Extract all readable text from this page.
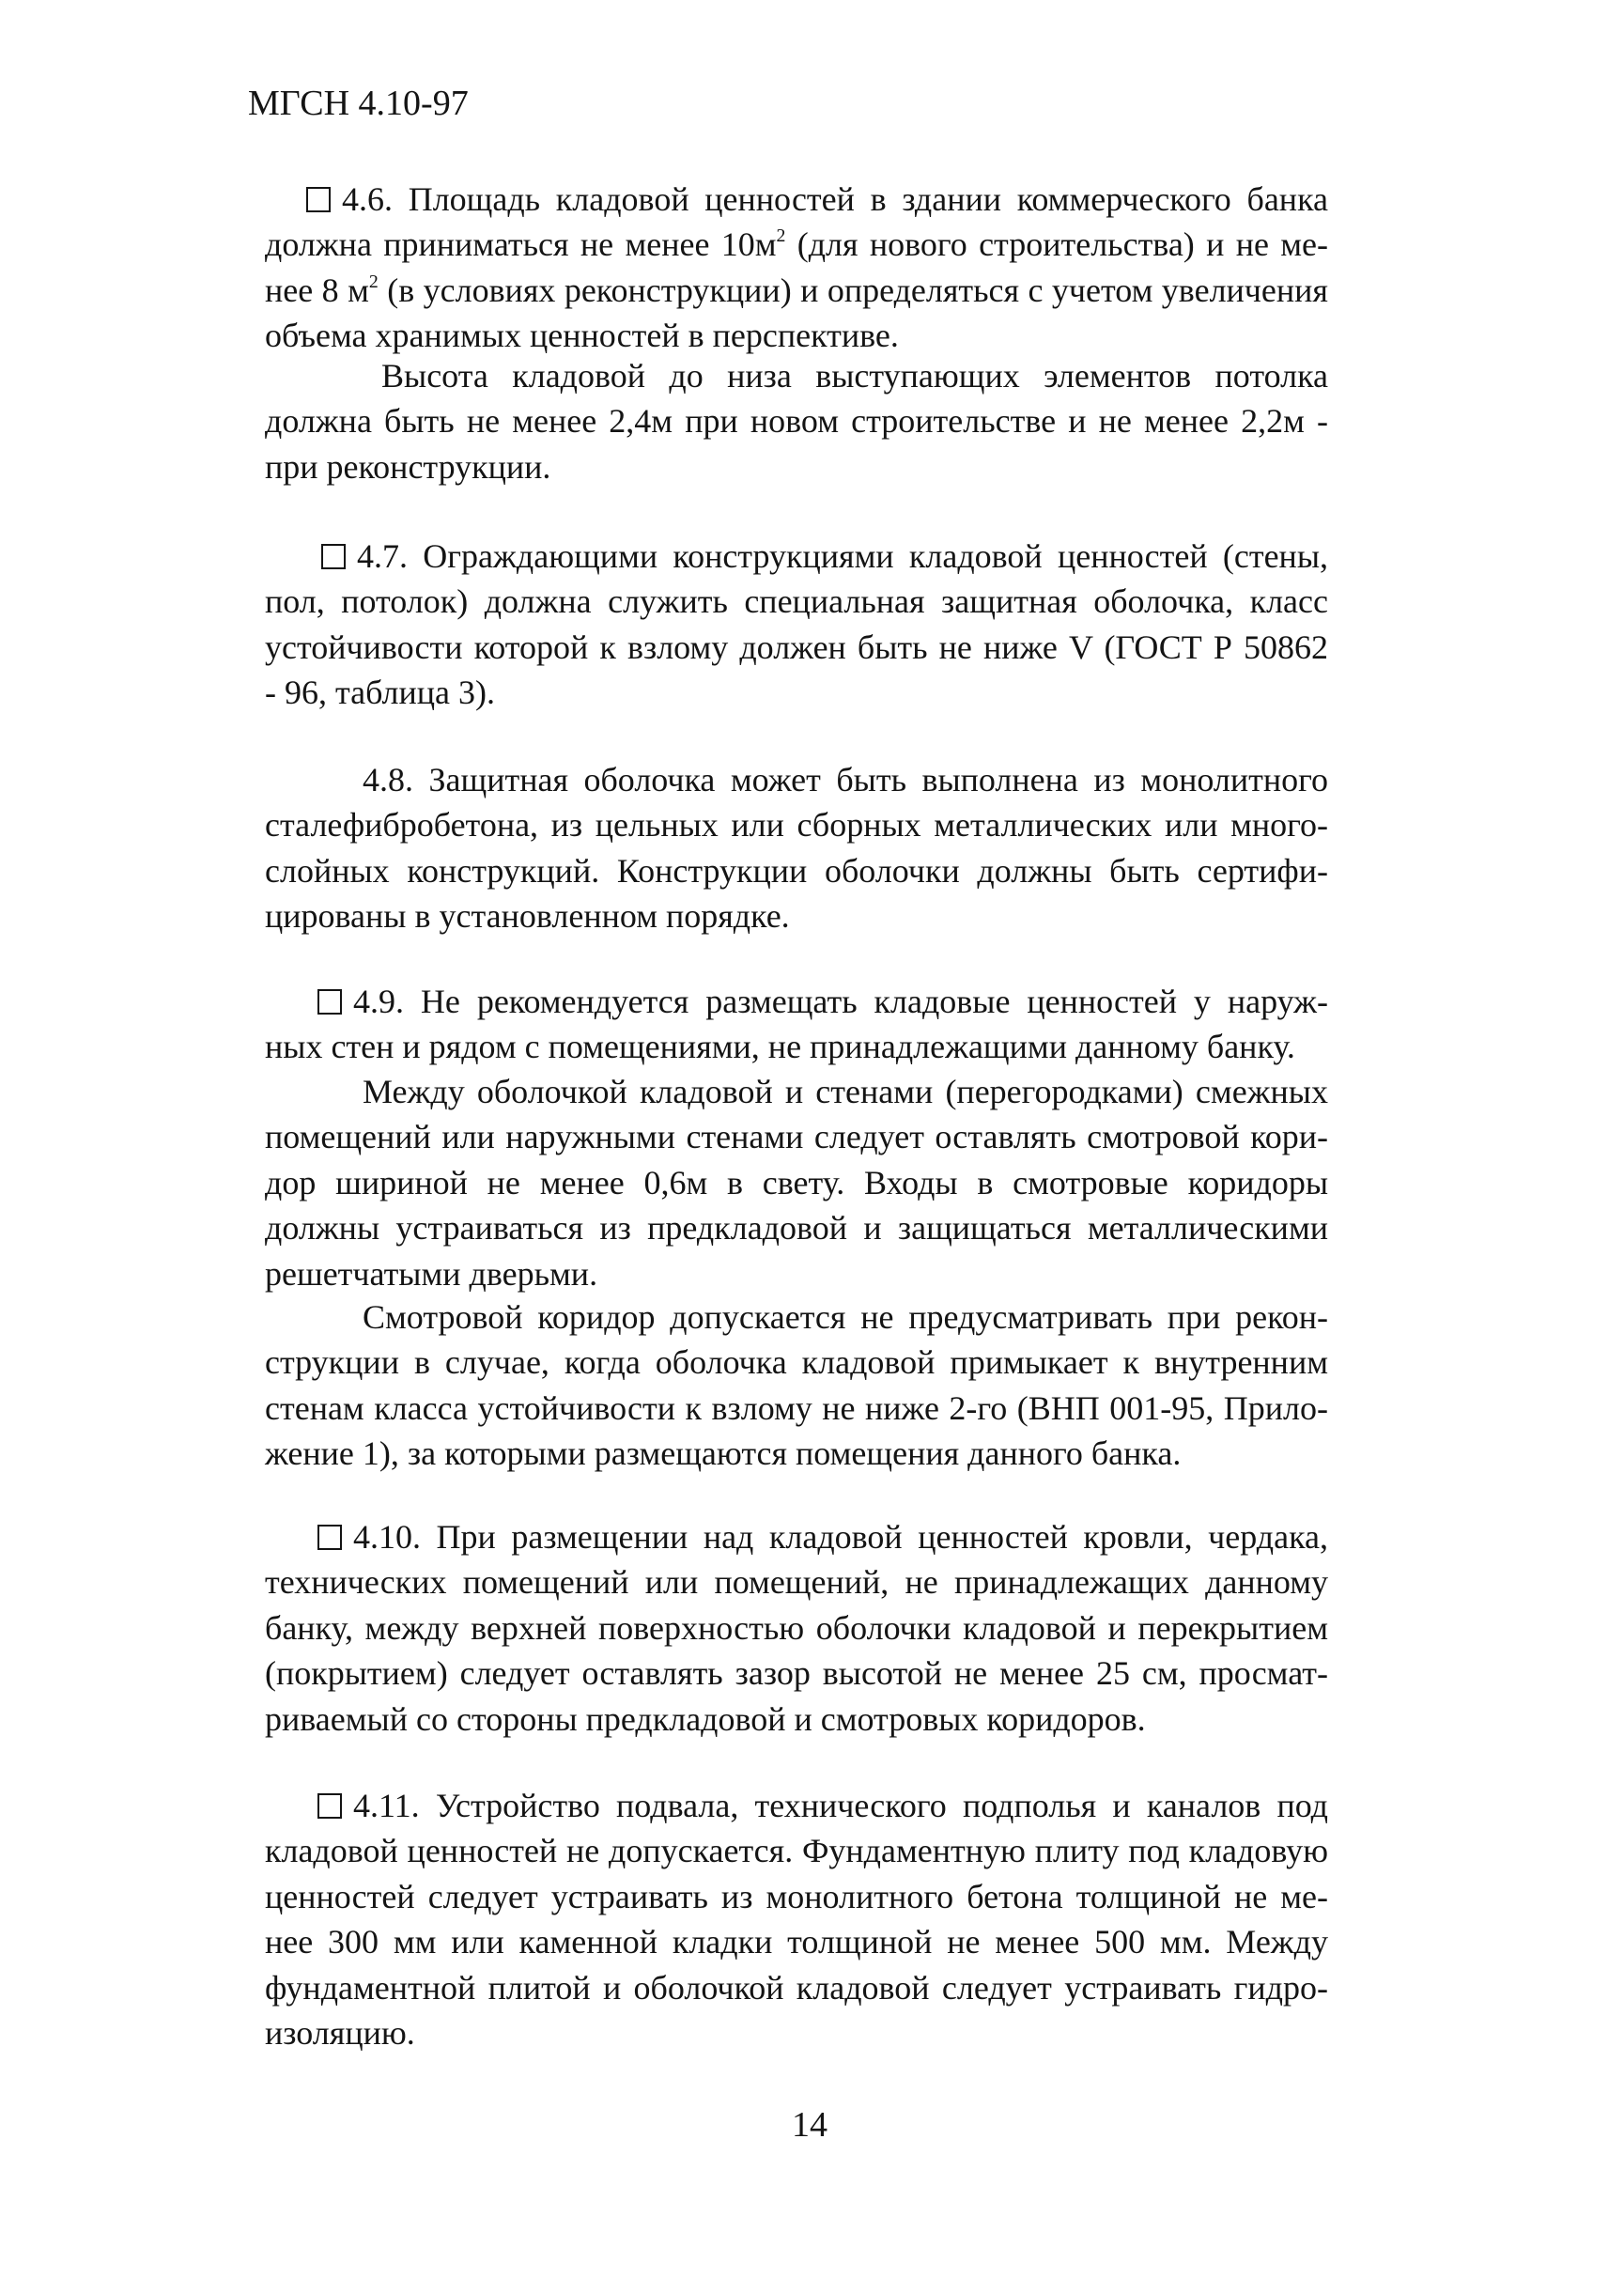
МГСН 4.10-97
4.6. Площадь кладовой ценностей в здании коммерческого банка
должна приниматься не менее $10м^2$ (для нового строительства) и не ме-
нее 8 $м^2$ (в условиях реконструкции) и определяться с учетом увеличения
объема хранимых ценностей в перспективе.
Высота кладовой до низа выступающих элементов потолка
должна быть не менее 2,4м при новом строительстве и не менее 2,2м -
при реконструкции.
4.7. Ограждающими конструкциями кладовой ценностей (стены,
пол, потолок) должна служить специальная защитная оболочка, класс
устойчивости которой к взлому должен быть не ниже V (ГОСТ Р 50862
- 96, таблица 3).
4.8. Защитная оболочка может быть выполнена из монолитного
сталефибробетона, из цельных или сборных металлических или много-
слойных конструкций. Конструкции оболочки должны быть сертифи-
цированы в установленном порядке.
4.9. Не рекомендуется размещать кладовые ценностей у наруж-
ных стен и рядом с помещениями, не принадлежащими данному банку.
Между оболочкой кладовой и стенами (перегородками) смежных
помещений или наружными стенами следует оставлять смотровой кори-
дор шириной не менее 0,6м в свету. Входы в смотровые коридоры
должны устраиваться из предкладовой и защищаться металлическими
решетчатыми дверьми.
Смотровой коридор допускается не предусматривать при рекон-
струкции в случае, когда оболочка кладовой примыкает к внутренним
стенам класса устойчивости к взлому не ниже 2-го (ВНП 001-95, Прило-
жение 1), за которыми размещаются помещения данного банка.
4.10. При размещении над кладовой ценностей кровли, чердака,
технических помещений или помещений, не принадлежащих данному
банку, между верхней поверхностью оболочки кладовой и перекрытием
(покрытием) следует оставлять зазор высотой не менее 25 см, просмат-
риваемый со стороны предкладовой и смотровых коридоров.
4.11. Устройство подвала, технического подполья и каналов под
кладовой ценностей не допускается. Фундаментную плиту под кладовую
ценностей следует устраивать из монолитного бетона толщиной не ме-
нее 300 мм или каменной кладки толщиной не менее 500 мм. Между
фундаментной плитой и оболочкой кладовой следует устраивать гидро-
изоляцию.
14
